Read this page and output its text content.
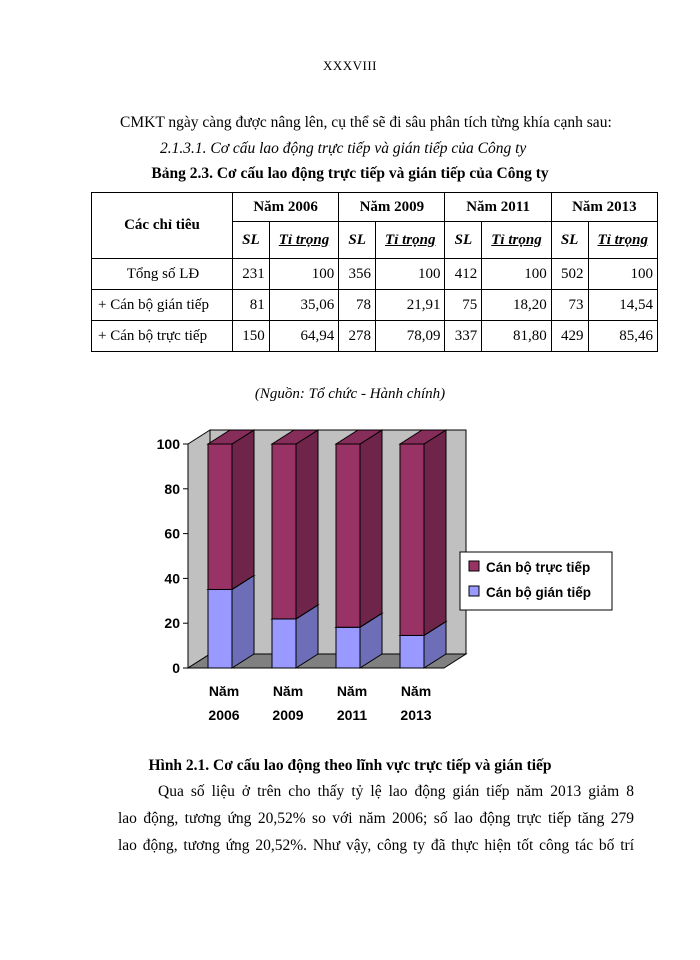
XXXVIII
CMKT ngày càng được nâng lên, cụ thể sẽ đi sâu phân tích từng khía cạnh sau:
2.1.3.1. Cơ cấu lao động trực tiếp và gián tiếp của Công ty
Bảng 2.3. Cơ cấu lao động trực tiếp và gián tiếp của Công ty
Các chỉ tiêu	Năm 2006		Năm 2009		Năm 2011		Năm 2013	
	SL	Tỉ trọng	SL	Tỉ trọng	SL	Tỉ trọng	SL	Tỉ trọng
Tổng số LĐ	231	100	356	100	412	100	502	100
+ Cán bộ gián tiếp	81	35,06	78	21,91	75	18,20	73	14,54
+ Cán bộ trực tiếp	150	64,94	278	78,09	337	81,80	429	85,46
(Nguồn: Tổ chức - Hành chính)
0
20
40
60
80
100
Năm
2006
Năm
2009
Năm
2011
Năm
2013
Cán bộ trực tiếp
Cán bộ gián tiếp
Hình 2.1. Cơ cấu lao động theo lĩnh vực trực tiếp và gián tiếp
Qua số liệu ở trên cho thấy tỷ lệ lao động gián tiếp năm 2013 giảm 8
lao động, tương ứng 20,52% so với năm 2006; số lao động trực tiếp tăng 279
lao động, tương ứng 20,52%. Như vậy, công ty đã thực hiện tốt công tác bố trí
